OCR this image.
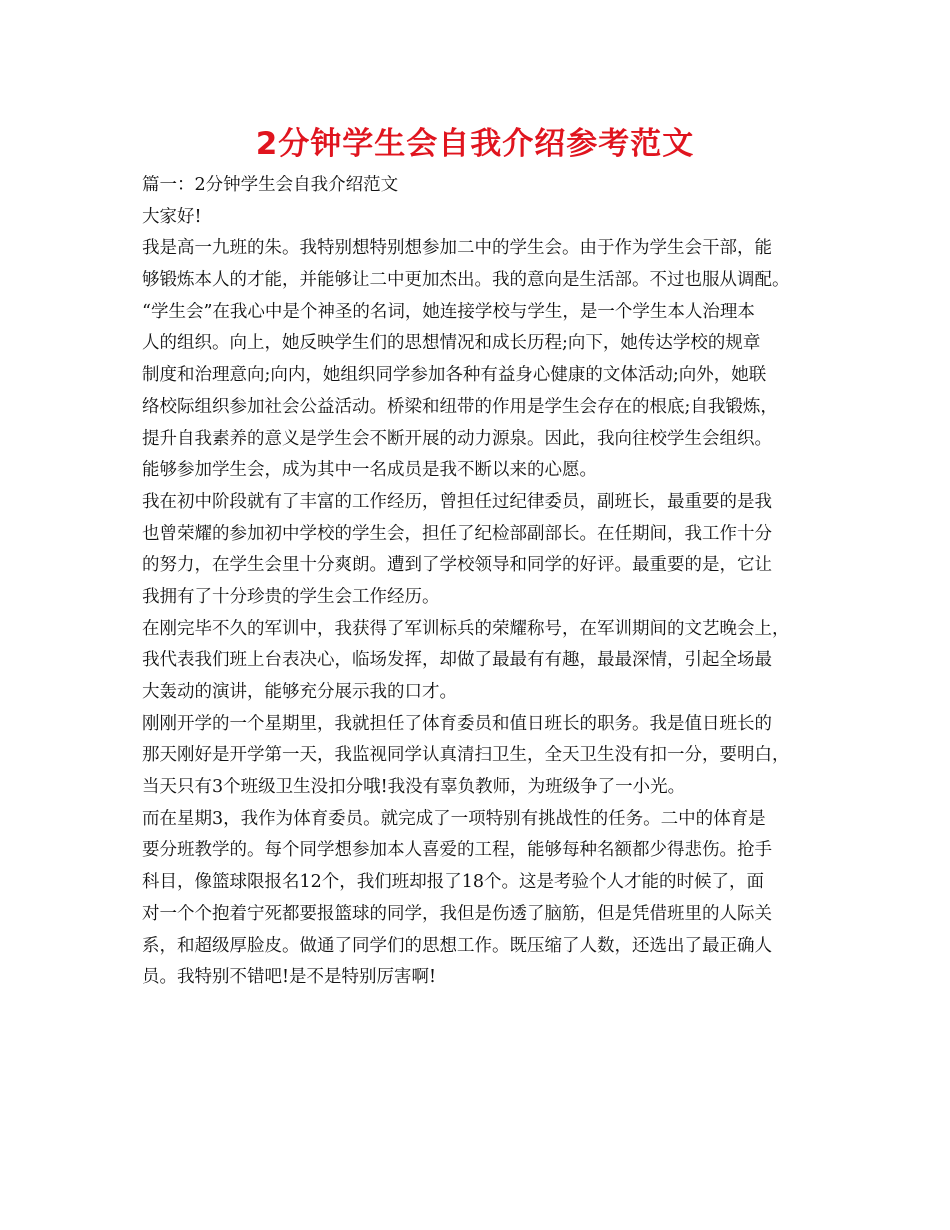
2分钟学生会自我介绍参考范文
篇一：2分钟学生会自我介绍范文
大家好!
我是高一九班的朱。我特别想特别想参加二中的学生会。由于作为学生会干部，能
够锻炼本人的才能，并能够让二中更加杰出。我的意向是生活部。不过也服从调配。
“学生会”在我心中是个神圣的名词，她连接学校与学生，是一个学生本人治理本
人的组织。向上，她反映学生们的思想情况和成长历程;向下，她传达学校的规章
制度和治理意向;向内，她组织同学参加各种有益身心健康的文体活动;向外，她联
络校际组织参加社会公益活动。桥梁和纽带的作用是学生会存在的根底;自我锻炼，
提升自我素养的意义是学生会不断开展的动力源泉。因此，我向往校学生会组织。
能够参加学生会，成为其中一名成员是我不断以来的心愿。
我在初中阶段就有了丰富的工作经历，曾担任过纪律委员，副班长，最重要的是我
也曾荣耀的参加初中学校的学生会，担任了纪检部副部长。在任期间，我工作十分
的努力，在学生会里十分爽朗。遭到了学校领导和同学的好评。最重要的是，它让
我拥有了十分珍贵的学生会工作经历。
在刚完毕不久的军训中，我获得了军训标兵的荣耀称号，在军训期间的文艺晚会上，
我代表我们班上台表决心，临场发挥，却做了最最有有趣，最最深情，引起全场最
大轰动的演讲，能够充分展示我的口才。
刚刚开学的一个星期里，我就担任了体育委员和值日班长的职务。我是值日班长的
那天刚好是开学第一天，我监视同学认真清扫卫生，全天卫生没有扣一分，要明白，
当天只有3个班级卫生没扣分哦!我没有辜负教师，为班级争了一小光。
而在星期3，我作为体育委员。就完成了一项特别有挑战性的任务。二中的体育是
要分班教学的。每个同学想参加本人喜爱的工程，能够每种名额都少得悲伤。抢手
科目，像篮球限报名12个，我们班却报了18个。这是考验个人才能的时候了，面
对一个个抱着宁死都要报篮球的同学，我但是伤透了脑筋，但是凭借班里的人际关
系，和超级厚脸皮。做通了同学们的思想工作。既压缩了人数，还选出了最正确人
员。我特别不错吧!是不是特别厉害啊!
